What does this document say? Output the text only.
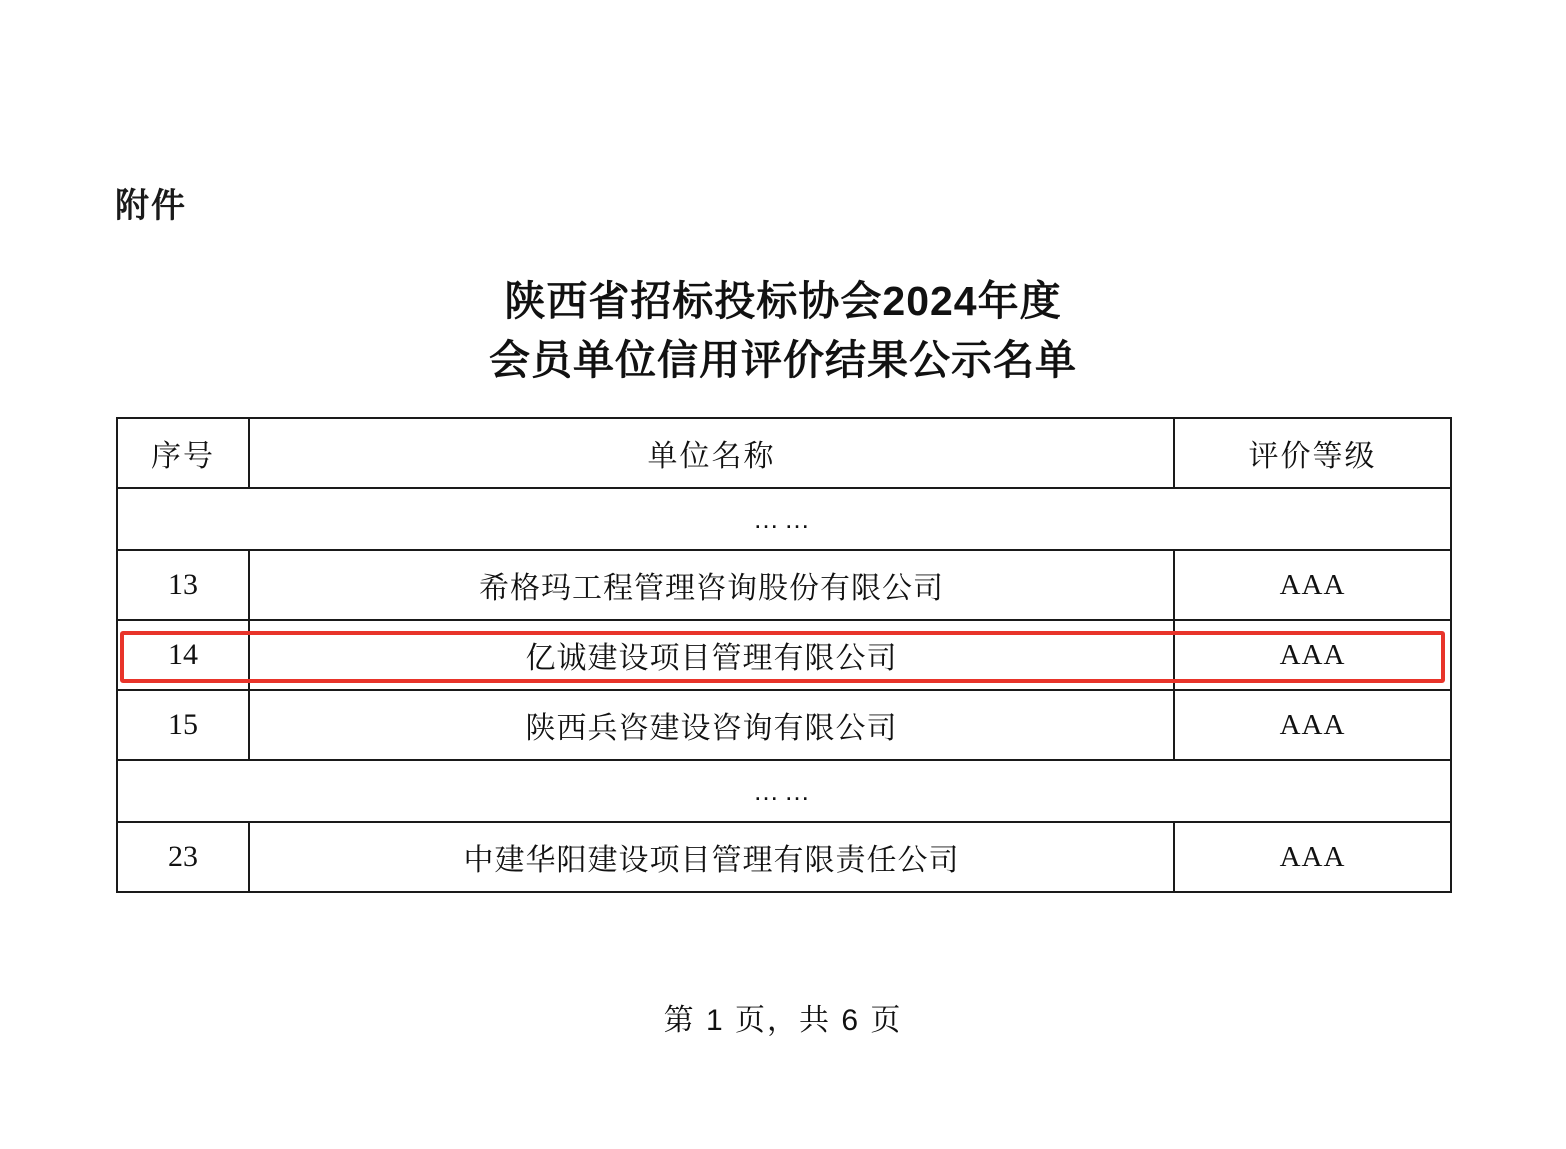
附件
陕西省招标投标协会2024年度
会员单位信用评价结果公示名单
序号	单位名称	评价等级
……		
13	希格玛工程管理咨询股份有限公司	AAA
14	亿诚建设项目管理有限公司	AAA
15	陕西兵咨建设咨询有限公司	AAA
……		
23	中建华阳建设项目管理有限责任公司	AAA
第 1 页，共 6 页
